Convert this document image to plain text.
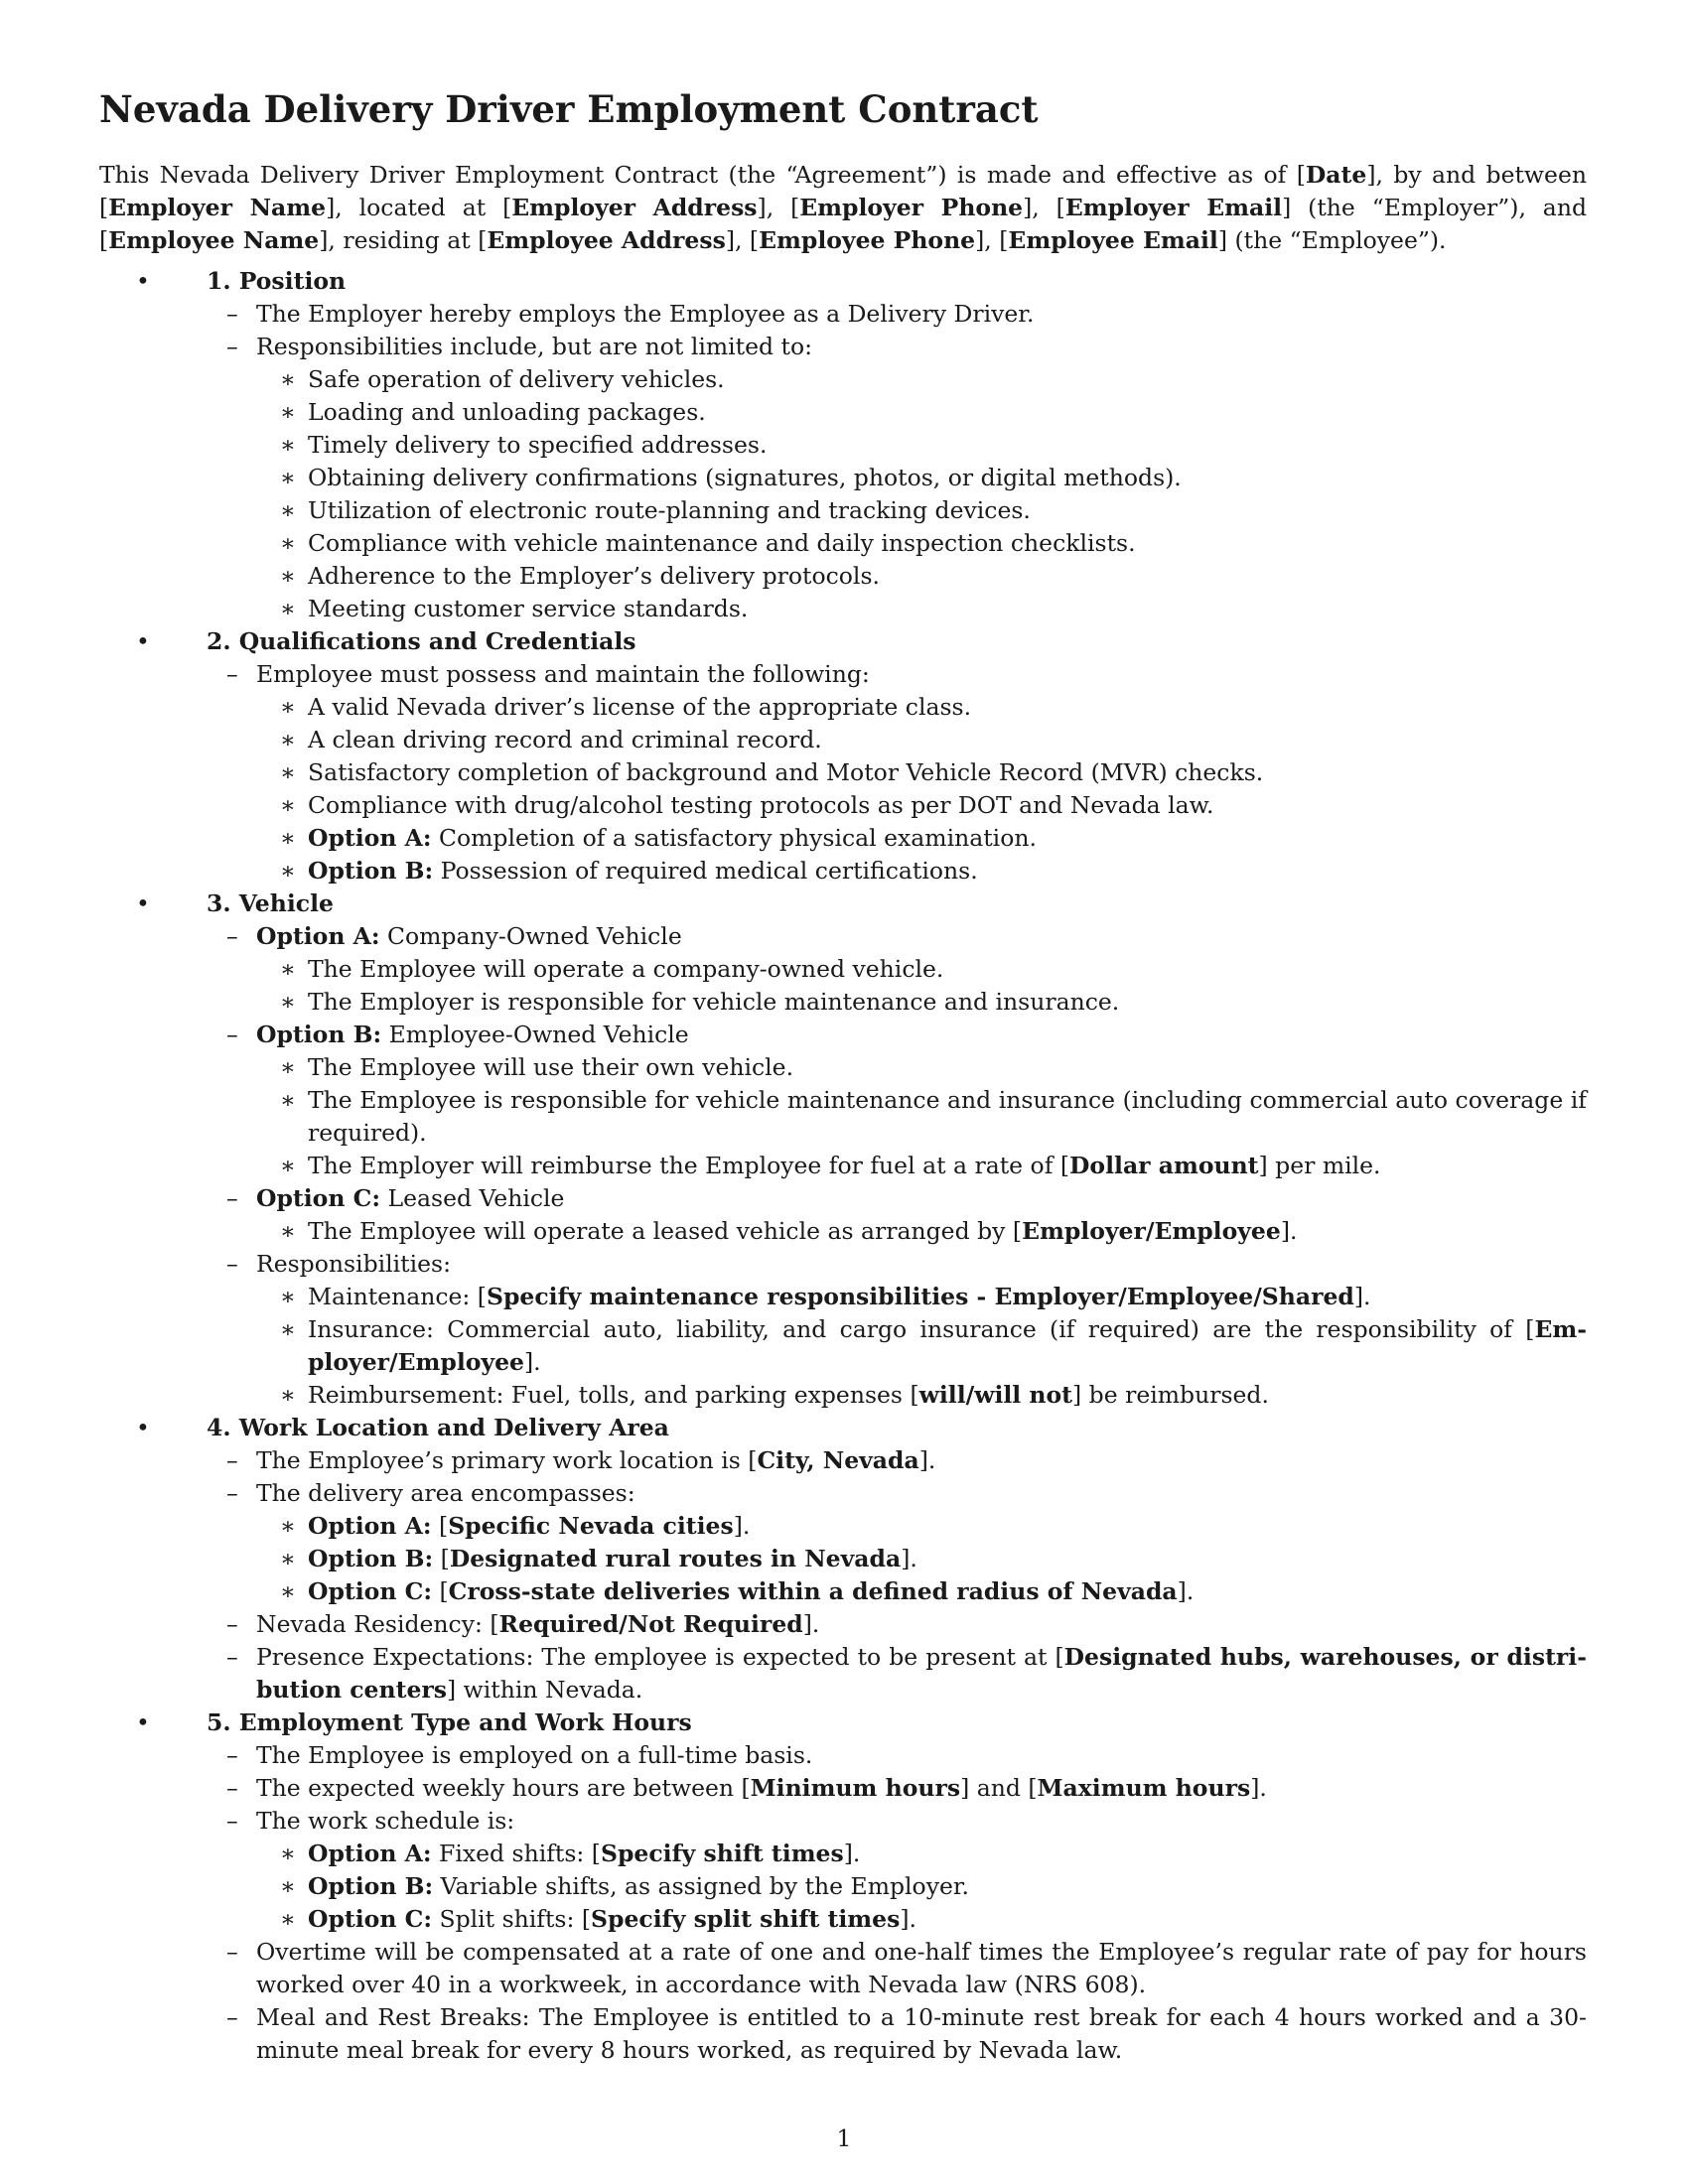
Nevada Delivery Driver Employment Contract

This Nevada Delivery Driver Employment Contract (the “Agreement”) is made and effective as of [Date], by and between [Employer Name], located at [Employer Address], [Employer Phone], [Employer Email] (the “Employer”), and [Employee Name], residing at [Employee Address], [Employee Phone], [Employee Email] (the “Employee”).

• 1. Position
– The Employer hereby employs the Employee as a Delivery Driver.
– Responsibilities include, but are not limited to:
∗ Safe operation of delivery vehicles.
∗ Loading and unloading packages.
∗ Timely delivery to specified addresses.
∗ Obtaining delivery confirmations (signatures, photos, or digital methods).
∗ Utilization of electronic route-planning and tracking devices.
∗ Compliance with vehicle maintenance and daily inspection checklists.
∗ Adherence to the Employer’s delivery protocols.
∗ Meeting customer service standards.
• 2. Qualifications and Credentials
– Employee must possess and maintain the following:
∗ A valid Nevada driver’s license of the appropriate class.
∗ A clean driving record and criminal record.
∗ Satisfactory completion of background and Motor Vehicle Record (MVR) checks.
∗ Compliance with drug/alcohol testing protocols as per DOT and Nevada law.
∗ Option A: Completion of a satisfactory physical examination.
∗ Option B: Possession of required medical certifications.
• 3. Vehicle
– Option A: Company-Owned Vehicle
∗ The Employee will operate a company-owned vehicle.
∗ The Employer is responsible for vehicle maintenance and insurance.
– Option B: Employee-Owned Vehicle
∗ The Employee will use their own vehicle.
∗ The Employee is responsible for vehicle maintenance and insurance (including commercial auto coverage if required).
∗ The Employer will reimburse the Employee for fuel at a rate of [Dollar amount] per mile.
– Option C: Leased Vehicle
∗ The Employee will operate a leased vehicle as arranged by [Employer/Employee].
– Responsibilities:
∗ Maintenance: [Specify maintenance responsibilities - Employer/Employee/Shared].
∗ Insurance: Commercial auto, liability, and cargo insurance (if required) are the responsibility of [Employer/Employee].
∗ Reimbursement: Fuel, tolls, and parking expenses [will/will not] be reimbursed.
• 4. Work Location and Delivery Area
– The Employee’s primary work location is [City, Nevada].
– The delivery area encompasses:
∗ Option A: [Specific Nevada cities].
∗ Option B: [Designated rural routes in Nevada].
∗ Option C: [Cross-state deliveries within a defined radius of Nevada].
– Nevada Residency: [Required/Not Required].
– Presence Expectations: The employee is expected to be present at [Designated hubs, warehouses, or distribution centers] within Nevada.
• 5. Employment Type and Work Hours
– The Employee is employed on a full-time basis.
– The expected weekly hours are between [Minimum hours] and [Maximum hours].
– The work schedule is:
∗ Option A: Fixed shifts: [Specify shift times].
∗ Option B: Variable shifts, as assigned by the Employer.
∗ Option C: Split shifts: [Specify split shift times].
– Overtime will be compensated at a rate of one and one-half times the Employee’s regular rate of pay for hours worked over 40 in a workweek, in accordance with Nevada law (NRS 608).
– Meal and Rest Breaks: The Employee is entitled to a 10-minute rest break for each 4 hours worked and a 30-minute meal break for every 8 hours worked, as required by Nevada law.
1
